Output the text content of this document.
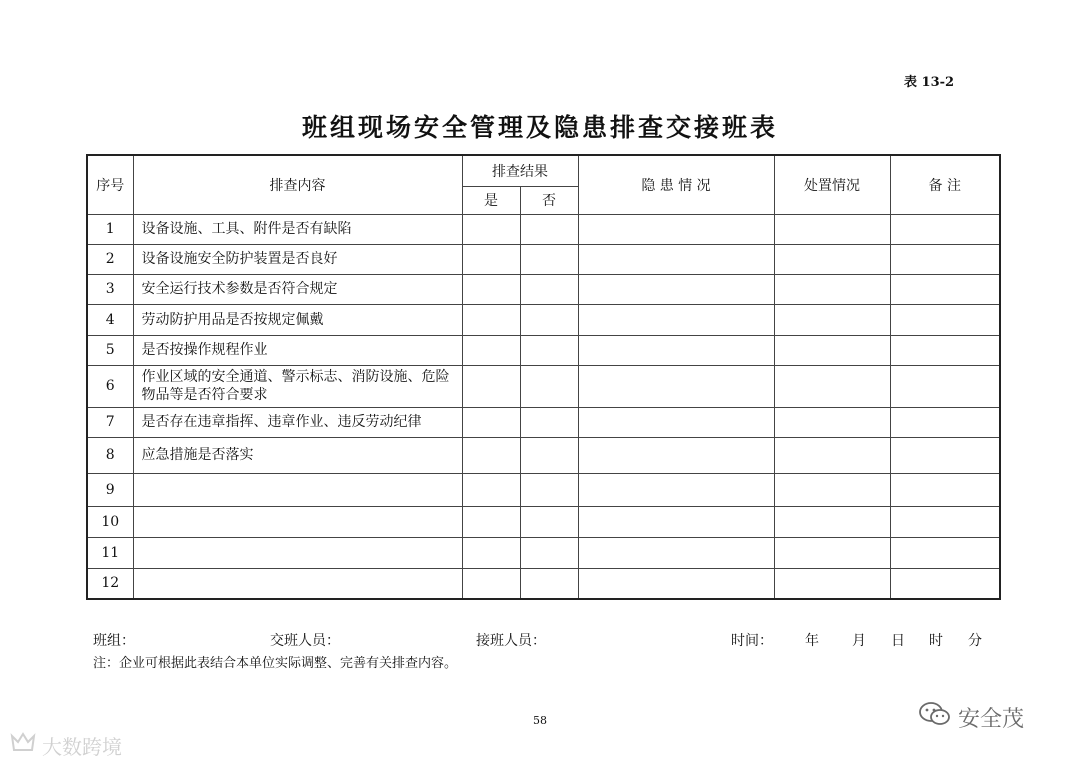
表 13-2
班组现场安全管理及隐患排查交接班表
序号	排查内容	排查结果		隐 患 情 况	处置情况	备 注
		是	否			
1	设备设施、工具、附件是否有缺陷					
2	设备设施安全防护装置是否良好					
3	安全运行技术参数是否符合规定					
4	劳动防护用品是否按规定佩戴					
5	是否按操作规程作业					
6	作业区域的安全通道、警示标志、消防设施、危险物品等是否符合要求					
7	是否存在违章指挥、违章作业、违反劳动纪律					
8	应急措施是否落实					
9						
10						
11						
12						
班组：	交班人员：	接班人员：	时间： 年 月 日 时 分
注：企业可根据此表结合本单位实际调整、完善有关排查内容。
58
大数跨境
安全茂
